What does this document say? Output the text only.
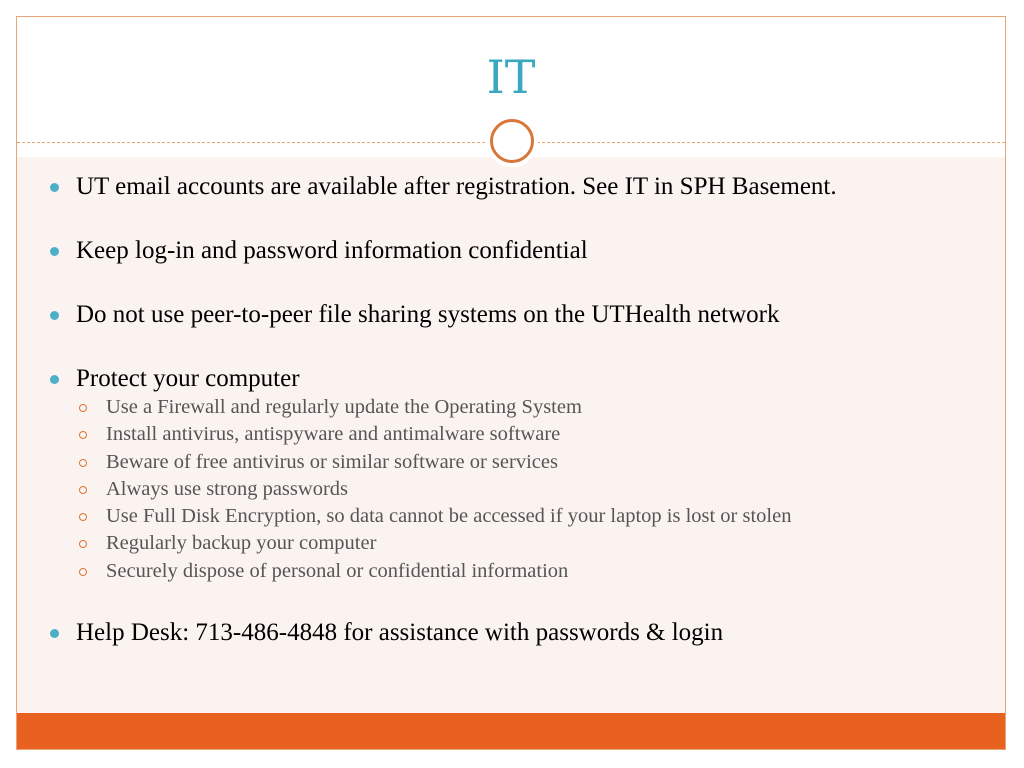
IT
UT email accounts are available after registration. See IT in SPH Basement.
Keep log-in and password information confidential
Do not use peer-to-peer file sharing systems on the UTHealth network
Protect your computer
Use a Firewall and regularly update the Operating System
Install antivirus, antispyware and antimalware software
Beware of free antivirus or similar software or services
Always use strong passwords
Use Full Disk Encryption, so data cannot be accessed if your laptop is lost or stolen
Regularly backup your computer
Securely dispose of personal or confidential information
Help Desk: 713-486-4848 for assistance with passwords & login
